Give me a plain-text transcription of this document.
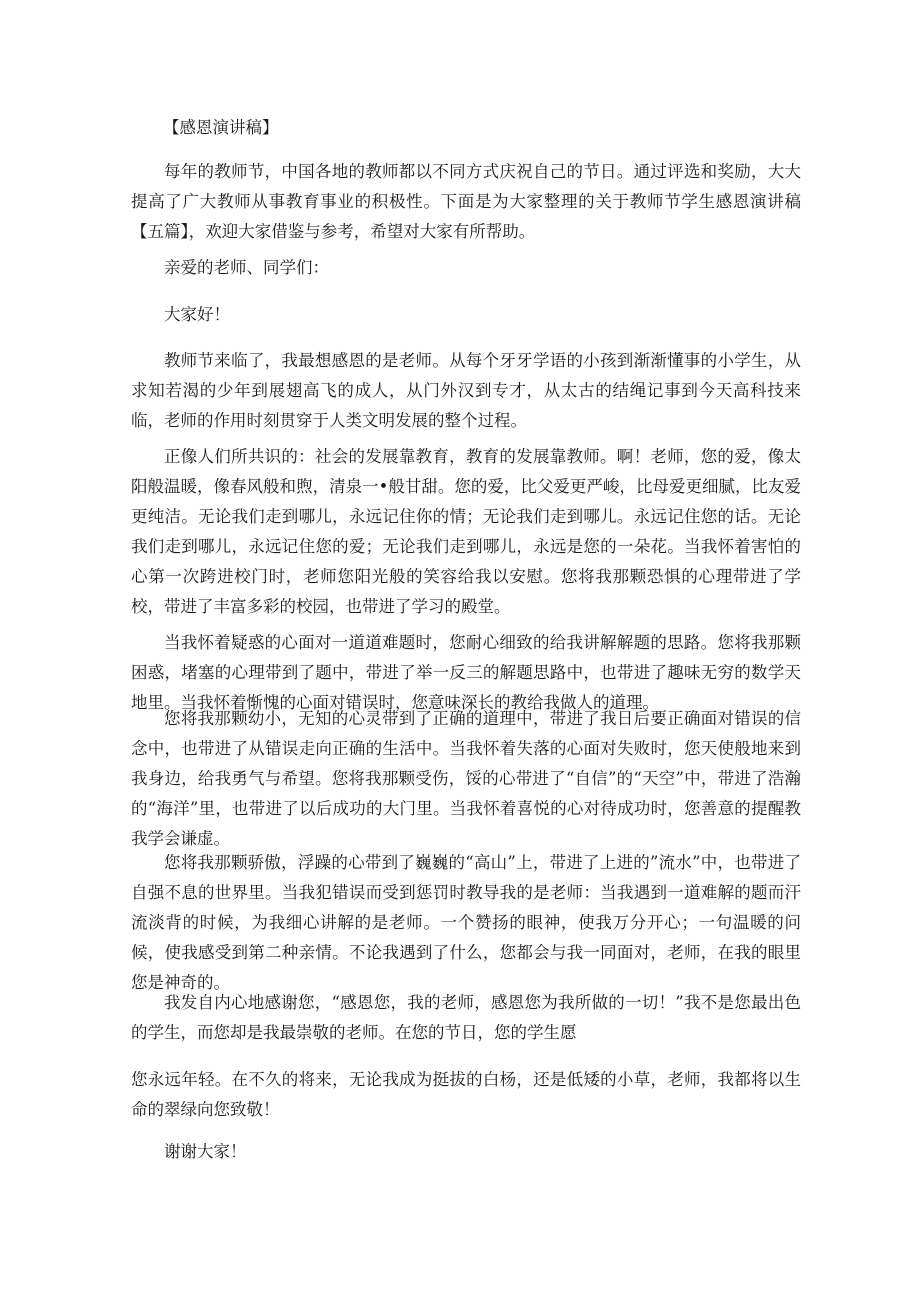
【感恩演讲稿】

每年的教师节，中国各地的教师都以不同方式庆祝自己的节日。通过评选和奖励，大大提高了广大教师从事教育事业的积极性。下面是为大家整理的关于教师节学生感恩演讲稿【五篇】，欢迎大家借鉴与参考，希望对大家有所帮助。

亲爱的老师、同学们：

大家好！

教师节来临了，我最想感恩的是老师。从每个牙牙学语的小孩到渐渐懂事的小学生，从求知若渴的少年到展翅高飞的成人，从门外汉到专才，从太古的结绳记事到今天高科技来临，老师的作用时刻贯穿于人类文明发展的整个过程。

正像人们所共识的：社会的发展靠教育，教育的发展靠教师。啊！老师，您的爱，像太阳般温暖，像春风般和煦，清泉一•般甘甜。您的爱，比父爱更严峻，比母爱更细腻，比友爱更纯洁。无论我们走到哪儿，永远记住你的情；无论我们走到哪儿。永远记住您的话。无论我们走到哪儿，永远记住您的爱；无论我们走到哪儿，永远是您的一朵花。当我怀着害怕的心第一次跨进校门时，老师您阳光般的笑容给我以安慰。您将我那颗恐惧的心理带进了学校，带进了丰富多彩的校园，也带进了学习的殿堂。

当我怀着疑惑的心面对一道道难题时，您耐心细致的给我讲解解题的思路。您将我那颗困惑，堵塞的心理带到了题中，带进了举一反三的解题思路中，也带进了趣味无穷的数学天地里。当我怀着惭愧的心面对错误时，您意味深长的教给我做人的道理。

您将我那颗幼小，无知的心灵带到了正确的道理中，带进了我日后要正确面对错误的信念中，也带进了从错误走向正确的生活中。当我怀着失落的心面对失败时，您天使般地来到我身边，给我勇气与希望。您将我那颗受伤，馁的心带进了“自信”的“天空”中，带进了浩瀚的“海洋”里，也带进了以后成功的大门里。当我怀着喜悦的心对待成功时，您善意的提醒教我学会谦虚。

您将我那颗骄傲，浮躁的心带到了巍巍的“高山”上，带进了上进的”流水”中，也带进了自强不息的世界里。当我犯错误而受到惩罚时教导我的是老师：当我遇到一道难解的题而汗流淡背的时候，为我细心讲解的是老师。一个赞扬的眼神，使我万分开心；一句温暖的问候，使我感受到第二种亲情。不论我遇到了什么，您都会与我一同面对，老师，在我的眼里您是神奇的。

我发自内心地感谢您，“感恩您，我的老师，感恩您为我所做的一切！”我不是您最出色的学生，而您却是我最崇敬的老师。在您的节日，您的学生愿

您永远年轻。在不久的将来，无论我成为挺拔的白杨，还是低矮的小草，老师，我都将以生命的翠绿向您致敬！

谢谢大家！
